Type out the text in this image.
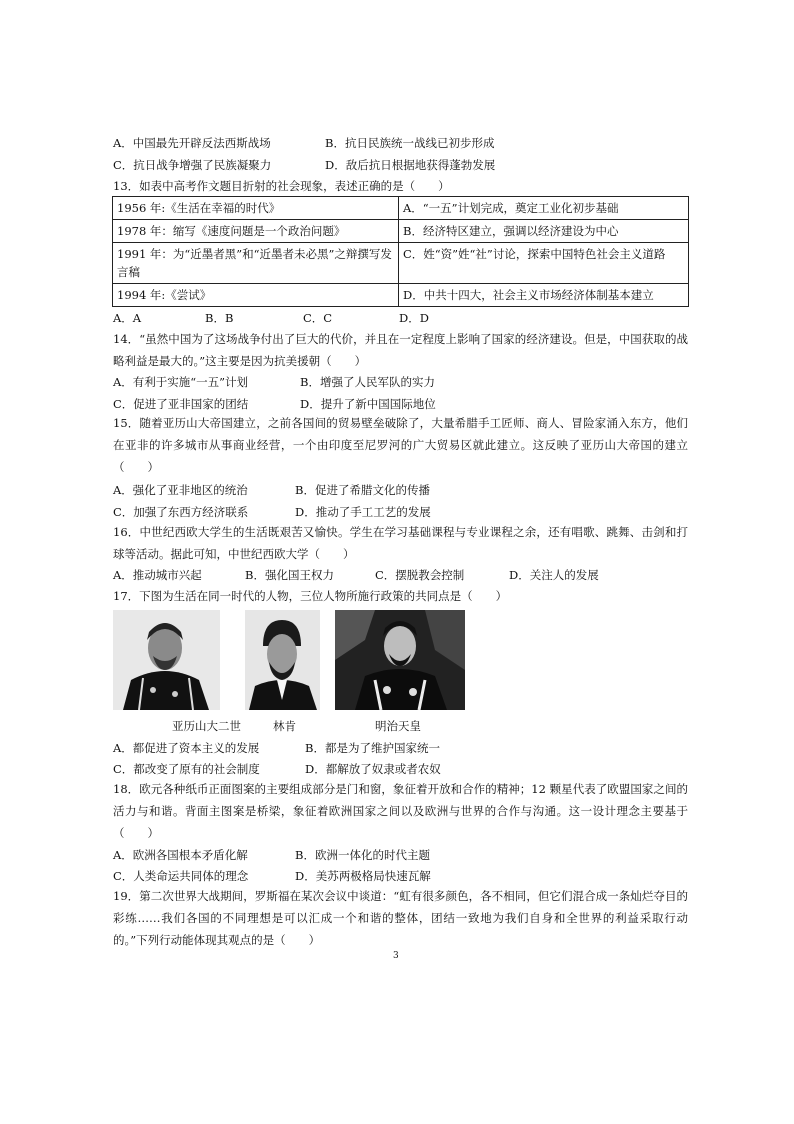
A．中国最先开辟反法西斯战场	B．抗日民族统一战线已初步形成
C．抗日战争增强了民族凝聚力	D．敌后抗日根据地获得蓬勃发展
13．如表中高考作文题目折射的社会现象，表述正确的是（　　）
1956 年:《生活在幸福的时代》	A．“一五”计划完成，奠定工业化初步基础
1978 年：缩写《速度问题是一个政治问题》	B．经济特区建立，强调以经济建设为中心
1991 年：为“近墨者黑”和“近墨者未必黑”之辩撰写发言稿	C．姓“资”姓“社”讨论，探索中国特色社会主义道路
1994 年:《尝试》	D．中共十四大，社会主义市场经济体制基本建立
A．A	B．B	C．C	D．D
14．“虽然中国为了这场战争付出了巨大的代价，并且在一定程度上影响了国家的经济建设。但是，中国获取的战略利益是最大的。”这主要是因为抗美援朝（　　）
A．有利于实施“一五”计划	B．增强了人民军队的实力
C．促进了亚非国家的团结	D．提升了新中国国际地位
15．随着亚历山大帝国建立，之前各国间的贸易壁垒破除了，大量希腊手工匠师、商人、冒险家涌入东方，他们在亚非的许多城市从事商业经营，一个由印度至尼罗河的广大贸易区就此建立。这反映了亚历山大帝国的建立（　　）
A．强化了亚非地区的统治	B．促进了希腊文化的传播
C．加强了东西方经济联系	D．推动了手工工艺的发展
16．中世纪西欧大学生的生活既艰苦又愉快。学生在学习基础课程与专业课程之余，还有唱歌、跳舞、击剑和打球等活动。据此可知，中世纪西欧大学（　　）
A．推动城市兴起	B．强化国王权力	C．摆脱教会控制	D．关注人的发展
17．下图为生活在同一时代的人物，三位人物所施行政策的共同点是（　　）
亚历山大二世	林肯	明治天皇
A．都促进了资本主义的发展	B．都是为了维护国家统一
C．都改变了原有的社会制度	D．都解放了奴隶或者农奴
18．欧元各种纸币正面图案的主要组成部分是门和窗，象征着开放和合作的精神；12 颗星代表了欧盟国家之间的活力与和谐。背面主图案是桥梁，象征着欧洲国家之间以及欧洲与世界的合作与沟通。这一设计理念主要基于（　　）
A．欧洲各国根本矛盾化解	B．欧洲一体化的时代主题
C．人类命运共同体的理念	D．美苏两极格局快速瓦解
19．第二次世界大战期间，罗斯福在某次会议中谈道：“虹有很多颜色，各不相同，但它们混合成一条灿烂夺目的彩练……我们各国的不同理想是可以汇成一个和谐的整体，团结一致地为我们自身和全世界的利益采取行动的。”下列行动能体现其观点的是（　　）
3
